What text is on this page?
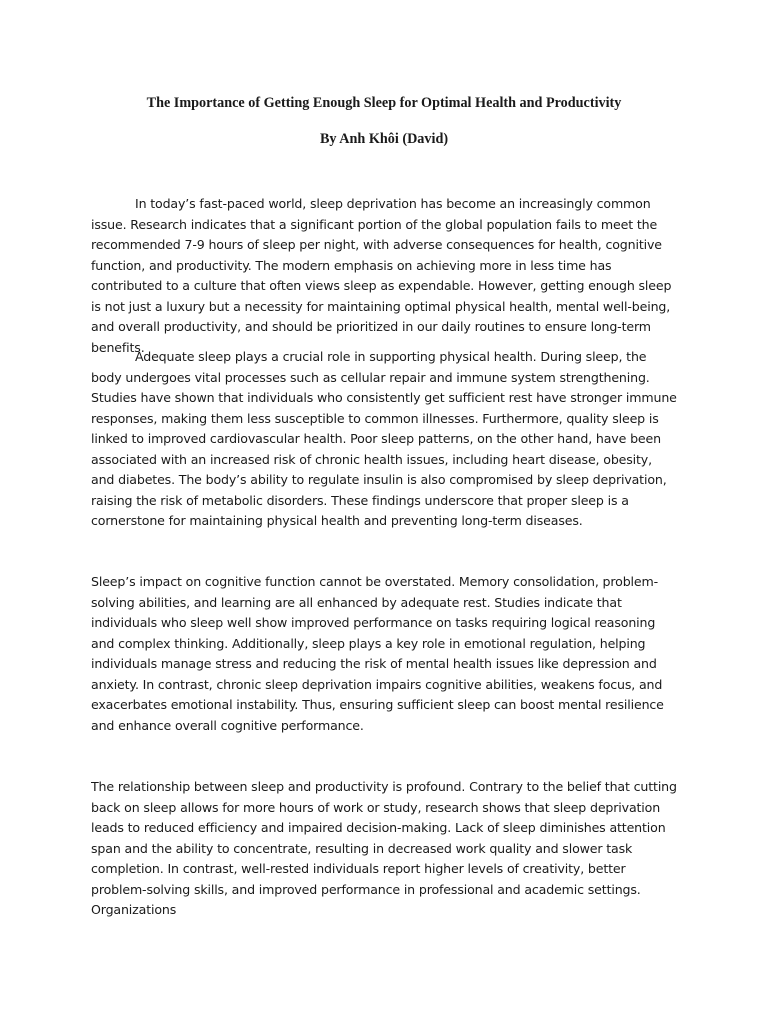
The Importance of Getting Enough Sleep for Optimal Health and Productivity
By Anh Khôi (David)

In today’s fast-paced world, sleep deprivation has become an increasingly common issue. Research indicates that a significant portion of the global population fails to meet the recommended 7-9 hours of sleep per night, with adverse consequences for health, cognitive function, and productivity. The modern emphasis on achieving more in less time has contributed to a culture that often views sleep as expendable. However, getting enough sleep is not just a luxury but a necessity for maintaining optimal physical health, mental well-being, and overall productivity, and should be prioritized in our daily routines to ensure long-term benefits.

Adequate sleep plays a crucial role in supporting physical health. During sleep, the body undergoes vital processes such as cellular repair and immune system strengthening. Studies have shown that individuals who consistently get sufficient rest have stronger immune responses, making them less susceptible to common illnesses. Furthermore, quality sleep is linked to improved cardiovascular health. Poor sleep patterns, on the other hand, have been associated with an increased risk of chronic health issues, including heart disease, obesity, and diabetes. The body’s ability to regulate insulin is also compromised by sleep deprivation, raising the risk of metabolic disorders. These findings underscore that proper sleep is a cornerstone for maintaining physical health and preventing long-term diseases.

Sleep’s impact on cognitive function cannot be overstated. Memory consolidation, problem-solving abilities, and learning are all enhanced by adequate rest. Studies indicate that individuals who sleep well show improved performance on tasks requiring logical reasoning and complex thinking. Additionally, sleep plays a key role in emotional regulation, helping individuals manage stress and reducing the risk of mental health issues like depression and anxiety. In contrast, chronic sleep deprivation impairs cognitive abilities, weakens focus, and exacerbates emotional instability. Thus, ensuring sufficient sleep can boost mental resilience and enhance overall cognitive performance.

The relationship between sleep and productivity is profound. Contrary to the belief that cutting back on sleep allows for more hours of work or study, research shows that sleep deprivation leads to reduced efficiency and impaired decision-making. Lack of sleep diminishes attention span and the ability to concentrate, resulting in decreased work quality and slower task completion. In contrast, well-rested individuals report higher levels of creativity, better problem-solving skills, and improved performance in professional and academic settings. Organizations
